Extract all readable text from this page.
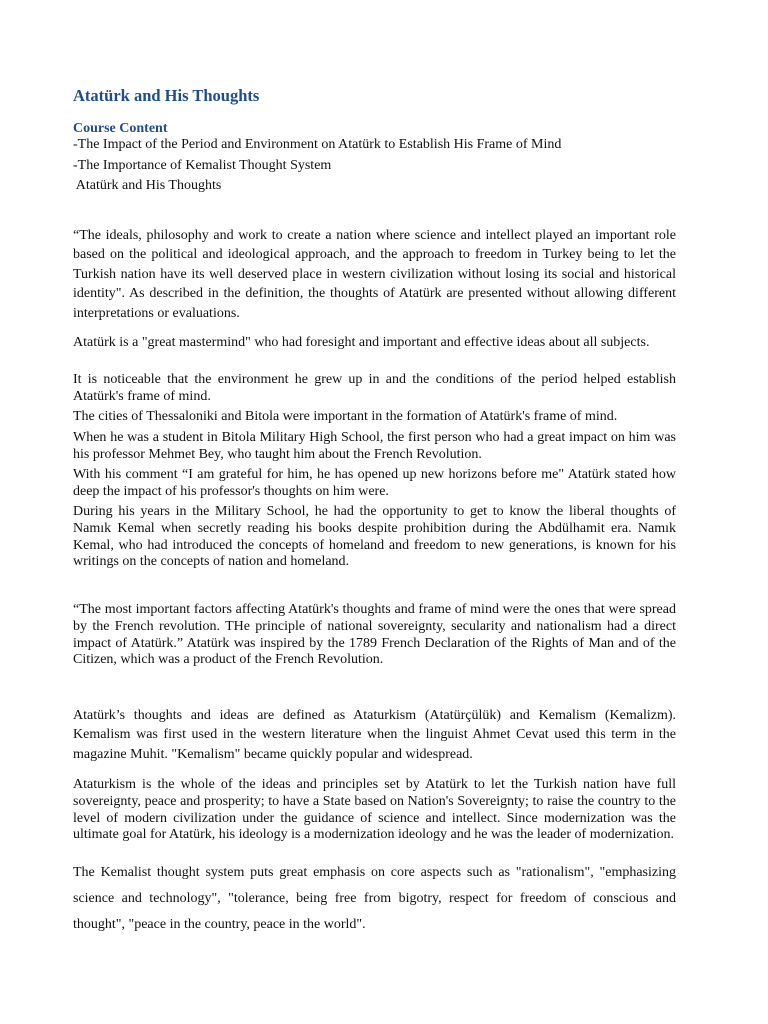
Atatürk and His Thoughts
Course Content

-The Impact of the Period and Environment on Atatürk to Establish His Frame of Mind

-The Importance of Kemalist Thought System

Atatürk and His Thoughts

“The ideals, philosophy and work to create a nation where science and intellect played an important role based on the political and ideological approach, and the approach to freedom in Turkey being to let the Turkish nation have its well deserved place in western civilization without losing its social and historical identity". As described in the definition, the thoughts of Atatürk are presented without allowing different interpretations or evaluations.

Atatürk is a "great mastermind" who had foresight and important and effective ideas about all subjects.

It is noticeable that the environment he grew up in and the conditions of the period helped establish Atatürk's frame of mind.

The cities of Thessaloniki and Bitola were important in the formation of Atatürk's frame of mind.

When he was a student in Bitola Military High School, the first person who had a great impact on him was his professor Mehmet Bey, who taught him about the French Revolution.

With his comment “I am grateful for him, he has opened up new horizons before me" Atatürk stated how deep the impact of his professor's thoughts on him were.

During his years in the Military School, he had the opportunity to get to know the liberal thoughts of Namık Kemal when secretly reading his books despite prohibition during the Abdülhamit era. Namık Kemal, who had introduced the concepts of homeland and freedom to new generations, is known for his writings on the concepts of nation and homeland.

“The most important factors affecting Atatürk's thoughts and frame of mind were the ones that were spread by the French revolution. THe principle of national sovereignty, secularity and nationalism had a direct impact of Atatürk.” Atatürk was inspired by the 1789 French Declaration of the Rights of Man and of the Citizen, which was a product of the French Revolution.

Atatürk’s thoughts and ideas are defined as Ataturkism (Atatürçülük) and Kemalism (Kemalizm). Kemalism was first used in the western literature when the linguist Ahmet Cevat used this term in the magazine Muhit. "Kemalism" became quickly popular and widespread.

Ataturkism is the whole of the ideas and principles set by Atatürk to let the Turkish nation have full sovereignty, peace and prosperity; to have a State based on Nation's Sovereignty; to raise the country to the level of modern civilization under the guidance of science and intellect. Since modernization was the ultimate goal for Atatürk, his ideology is a modernization ideology and he was the leader of modernization.

The Kemalist thought system puts great emphasis on core aspects such as "rationalism", "emphasizing science and technology", "tolerance, being free from bigotry, respect for freedom of conscious and thought", "peace in the country, peace in the world".
